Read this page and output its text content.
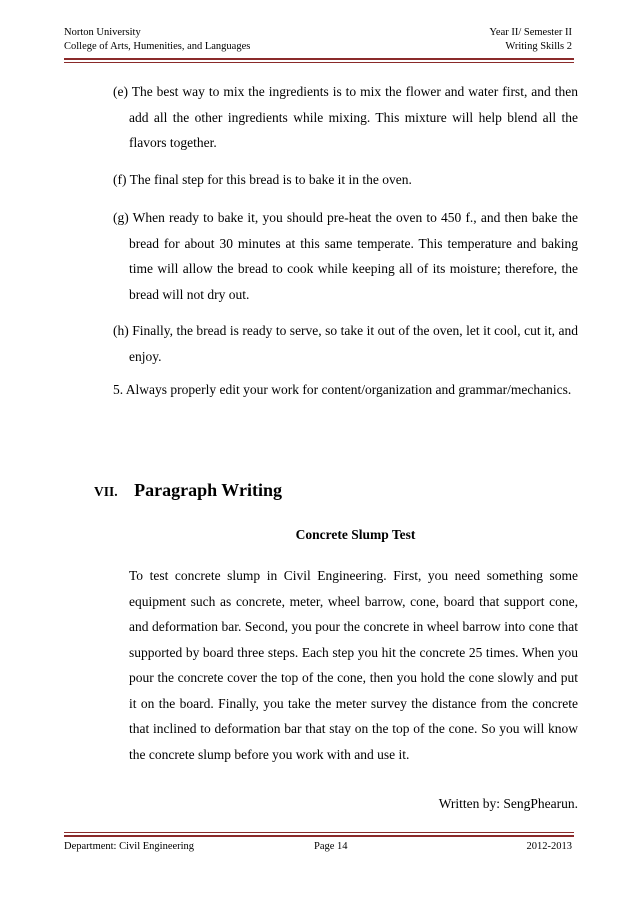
Norton University
College of Arts, Humenities, and Languages
Year II/ Semester II
Writing Skills 2
(e) The best way to mix the ingredients is to mix the flower and water first, and then add all the other ingredients while mixing. This mixture will help blend all the flavors together.
(f) The final step for this bread is to bake it in the oven.
(g) When ready to bake it, you should pre-heat the oven to 450 f., and then bake the bread for about 30 minutes at this same temperate. This temperature and baking time will allow the bread to cook while keeping all of its moisture; therefore, the bread will not dry out.
(h) Finally, the bread is ready to serve, so take it out of the oven, let it cool, cut it, and enjoy.
5. Always properly edit your work for content/organization and grammar/mechanics.
VII. Paragraph Writing
Concrete Slump Test
To test concrete slump in Civil Engineering. First, you need something some equipment such as concrete, meter, wheel barrow, cone, board that support cone, and deformation bar. Second, you pour the concrete in wheel barrow into cone that supported by board three steps. Each step you hit the concrete 25 times. When you pour the concrete cover the top of the cone, then you hold the cone slowly and put it on the board. Finally, you take the meter survey the distance from the concrete that inclined to deformation bar that stay on the top of the cone. So you will know the concrete slump before you work with and use it.
Written by: SengPhearun.
Department: Civil Engineering	Page 14	2012-2013
